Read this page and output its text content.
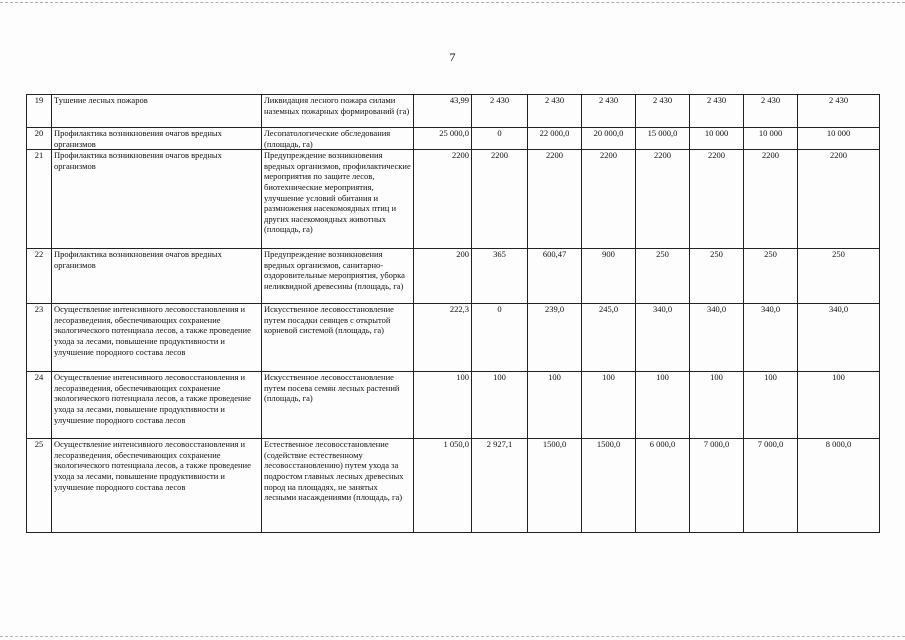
7
19	Тушение лесных пожаров	Ликвидация лесного пожара силами наземных пожарных формирований (га)	43,99	2 430	2 430	2 430	2 430	2 430	2 430	2 430
20	Профилактика возникновения очагов вредных организмов	Лесопатологические обследования (площадь, га)	25 000,0	0	22 000,0	20 000,0	15 000,0	10 000	10 000	10 000
21	Профилактика возникновения очагов вредных организмов	Предупреждение возникновения вредных организмов, профилактические мероприятия по защите лесов, биотехнические мероприятия, улучшение условий обитания и размножения насекомоядных птиц и других насекомоядных животных (площадь, га)	2200	2200	2200	2200	2200	2200	2200	2200
22	Профилактика возникновения очагов вредных организмов	Предупреждение возникновения вредных организмов, санитарно-оздоровительные мероприятия, уборка неликвидной древесины (площадь, га)	200	365	600,47	900	250	250	250	250
23	Осуществление интенсивного лесовосстановления и лесоразведения, обеспечивающих сохранение экологического потенциала лесов, а также проведение ухода за лесами, повышение продуктивности и улучшение породного состава лесов	Искусственное лесовосстановление путем посадки сеянцев с открытой корневой системой (площадь, га)	222,3	0	239,0	245,0	340,0	340,0	340,0	340,0
24	Осуществление интенсивного лесовосстановления и лесоразведения, обеспечивающих сохранение экологического потенциала лесов, а также проведение ухода за лесами, повышение продуктивности и улучшение породного состава лесов	Искусственное лесовосстановление путем посева семян лесных растений (площадь, га)	100	100	100	100	100	100	100	100
25	Осуществление интенсивного лесовосстановления и лесоразведения, обеспечивающих сохранение экологического потенциала лесов, а также проведение ухода за лесами, повышение продуктивности и улучшение породного состава лесов	Естественное лесовосстановление (содействие естественному лесовосстановлению) путем ухода за подростом главных лесных древесных пород на площадях, не занятых лесными насаждениями (площадь, га)	1 050,0	2 927,1	1500,0	1500,0	6 000,0	7 000,0	7 000,0	8 000,0
